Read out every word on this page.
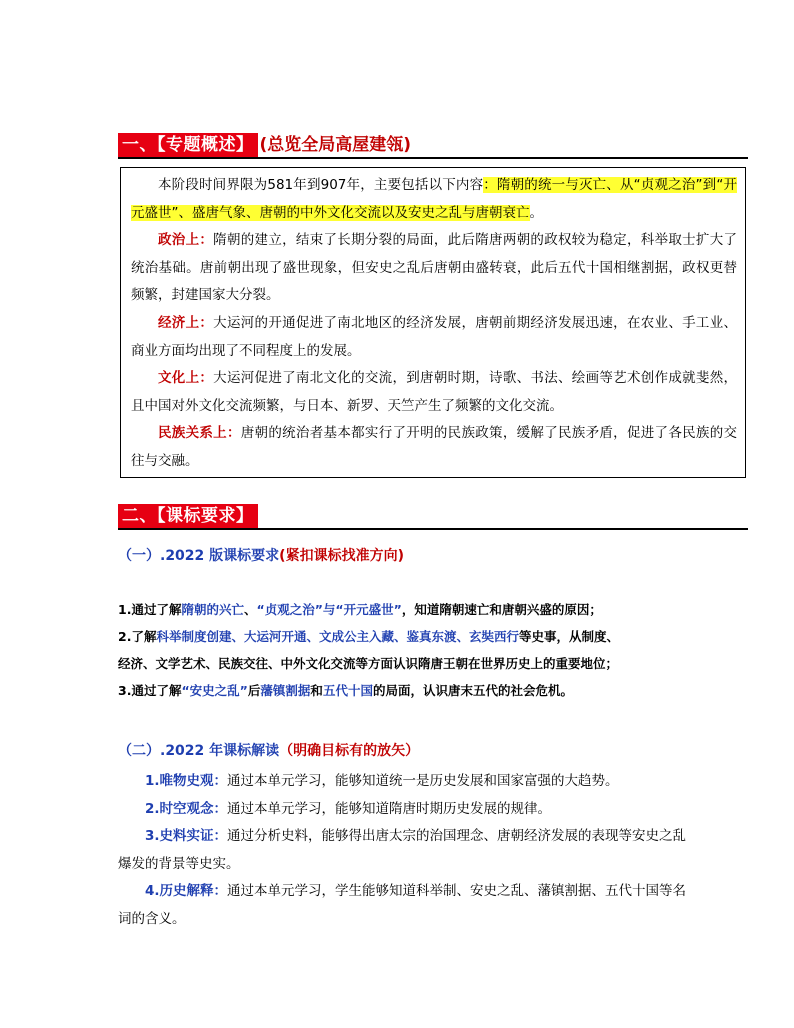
一、【专题概述】 (总览全局高屋建瓴)

本阶段时间界限为581年到907年，主要包括以下内容：隋朝的统一与灭亡、从“贞观之治”到“开元盛世”、盛唐气象、唐朝的中外文化交流以及安史之乱与唐朝衰亡。

政治上：隋朝的建立，结束了长期分裂的局面，此后隋唐两朝的政权较为稳定，科举取士扩大了统治基础。唐前朝出现了盛世现象，但安史之乱后唐朝由盛转衰，此后五代十国相继割据，政权更替频繁，封建国家大分裂。

经济上：大运河的开通促进了南北地区的经济发展，唐朝前期经济发展迅速，在农业、手工业、商业方面均出现了不同程度上的发展。

文化上：大运河促进了南北文化的交流，到唐朝时期，诗歌、书法、绘画等艺术创作成就斐然，且中国对外文化交流频繁，与日本、新罗、天竺产生了频繁的文化交流。

民族关系上：唐朝的统治者基本都实行了开明的民族政策，缓解了民族矛盾，促进了各民族的交往与交融。

二、【课标要求】
（一）.2022 版课标要求(紧扣课标找准方向)

1.通过了解隋朝的兴亡、“贞观之治”与“开元盛世”，知道隋朝速亡和唐朝兴盛的原因；

2.了解科举制度创建、大运河开通、文成公主入藏、鉴真东渡、玄奘西行等史事，从制度、

经济、文学艺术、民族交往、中外文化交流等方面认识隋唐王朝在世界历史上的重要地位；

3.通过了解“安史之乱”后藩镇割据和五代十国的局面，认识唐末五代的社会危机。

（二）.2022 年课标解读（明确目标有的放矢）

1.唯物史观：通过本单元学习，能够知道统一是历史发展和国家富强的大趋势。

2.时空观念：通过本单元学习，能够知道隋唐时期历史发展的规律。

3.史料实证：通过分析史料，能够得出唐太宗的治国理念、唐朝经济发展的表现等安史之乱爆发的背景等史实。

4.历史解释：通过本单元学习，学生能够知道科举制、安史之乱、藩镇割据、五代十国等名词的含义。
